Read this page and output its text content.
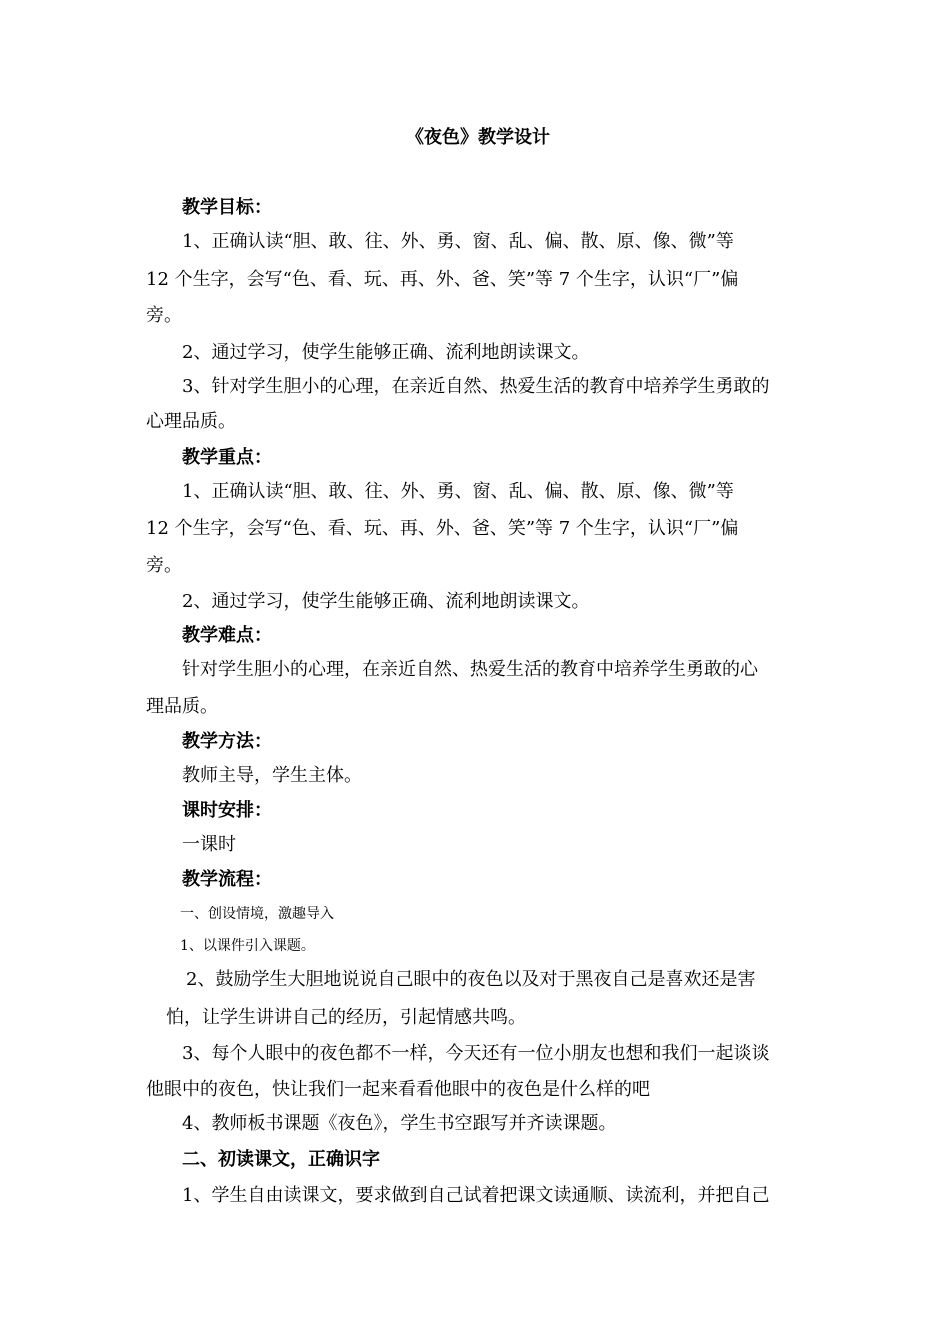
《夜色》教学设计
教学目标：
1、正确认读“胆、敢、往、外、勇、窗、乱、偏、散、原、像、微”等
12 个生字，会写“色、看、玩、再、外、爸、笑”等 7 个生字，认识“厂”偏
旁。
2、通过学习，使学生能够正确、流利地朗读课文。
3、针对学生胆小的心理，在亲近自然、热爱生活的教育中培养学生勇敢的
心理品质。
教学重点：
1、正确认读“胆、敢、往、外、勇、窗、乱、偏、散、原、像、微”等
12 个生字，会写“色、看、玩、再、外、爸、笑”等 7 个生字，认识“厂”偏
旁。
2、通过学习，使学生能够正确、流利地朗读课文。
教学难点：
针对学生胆小的心理，在亲近自然、热爱生活的教育中培养学生勇敢的心
理品质。
教学方法：
教师主导，学生主体。
课时安排：
一课时
教学流程：
一、创设情境，激趣导入
1、以课件引入课题。
2、鼓励学生大胆地说说自己眼中的夜色以及对于黑夜自己是喜欢还是害
怕，让学生讲讲自己的经历，引起情感共鸣。
3、每个人眼中的夜色都不一样，今天还有一位小朋友也想和我们一起谈谈
他眼中的夜色，快让我们一起来看看他眼中的夜色是什么样的吧
4、教师板书课题《夜色》，学生书空跟写并齐读课题。
二、初读课文，正确识字
1、学生自由读课文，要求做到自己试着把课文读通顺、读流利，并把自己
